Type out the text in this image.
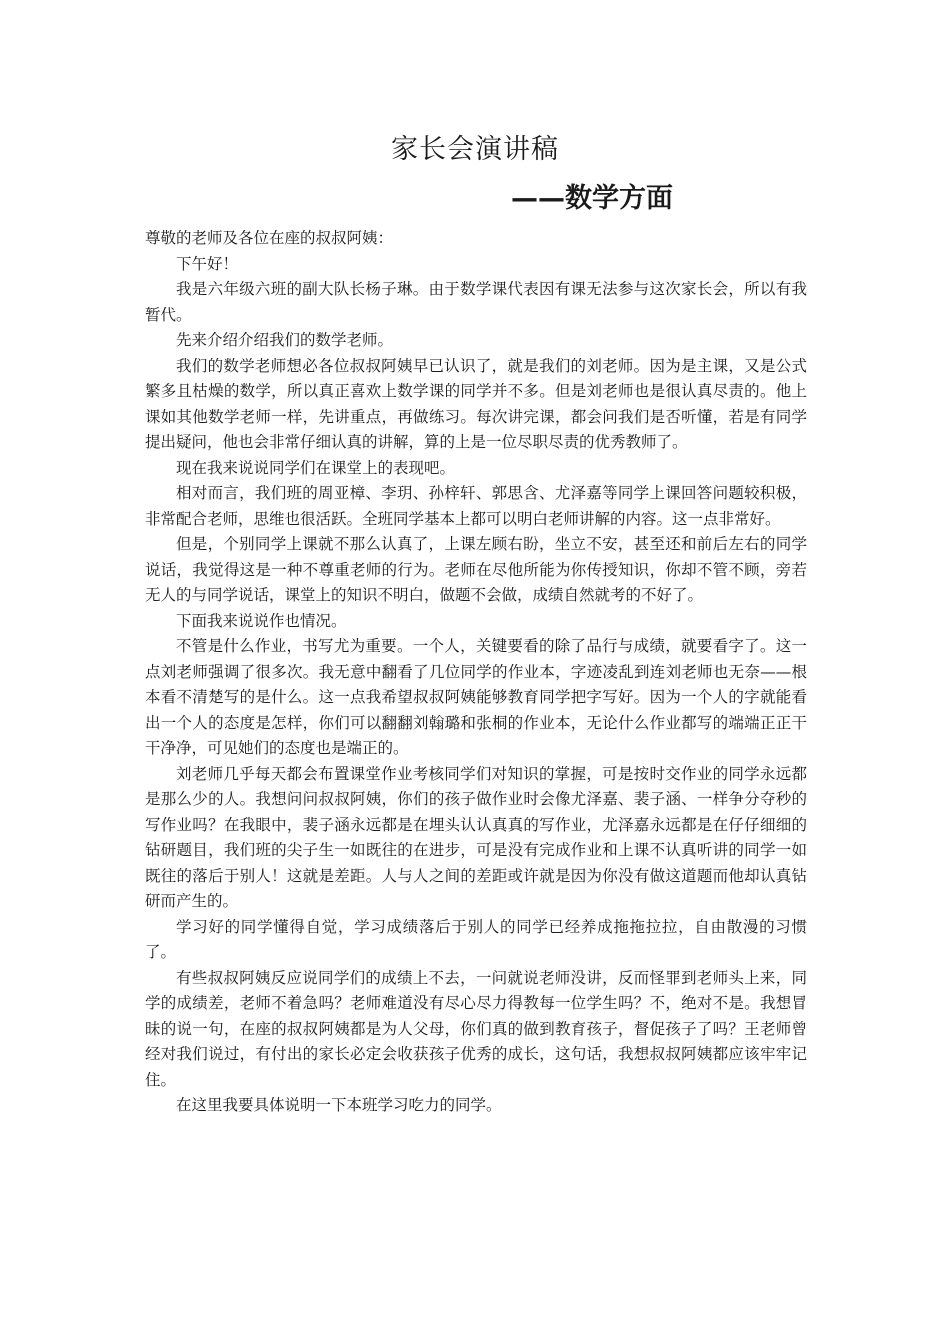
家长会演讲稿
——数学方面

尊敬的老师及各位在座的叔叔阿姨：

下午好！

我是六年级六班的副大队长杨子琳。由于数学课代表因有课无法参与这次家长会，所以有我暂代。

先来介绍介绍我们的数学老师。

我们的数学老师想必各位叔叔阿姨早已认识了，就是我们的刘老师。因为是主课，又是公式繁多且枯燥的数学，所以真正喜欢上数学课的同学并不多。但是刘老师也是很认真尽责的。他上课如其他数学老师一样，先讲重点，再做练习。每次讲完课，都会问我们是否听懂，若是有同学提出疑问，他也会非常仔细认真的讲解，算的上是一位尽职尽责的优秀教师了。

现在我来说说同学们在课堂上的表现吧。

相对而言，我们班的周亚樟、李玥、孙梓轩、郭思含、尤泽嘉等同学上课回答问题较积极，非常配合老师，思维也很活跃。全班同学基本上都可以明白老师讲解的内容。这一点非常好。

但是，个别同学上课就不那么认真了，上课左顾右盼，坐立不安，甚至还和前后左右的同学说话，我觉得这是一种不尊重老师的行为。老师在尽他所能为你传授知识，你却不管不顾，旁若无人的与同学说话，课堂上的知识不明白，做题不会做，成绩自然就考的不好了。

下面我来说说作也情况。

不管是什么作业，书写尤为重要。一个人，关键要看的除了品行与成绩，就要看字了。这一点刘老师强调了很多次。我无意中翻看了几位同学的作业本，字迹凌乱到连刘老师也无奈——根本看不清楚写的是什么。这一点我希望叔叔阿姨能够教育同学把字写好。因为一个人的字就能看出一个人的态度是怎样，你们可以翻翻刘翰璐和张桐的作业本，无论什么作业都写的端端正正干干净净，可见她们的态度也是端正的。

刘老师几乎每天都会布置课堂作业考核同学们对知识的掌握，可是按时交作业的同学永远都是那么少的人。我想问问叔叔阿姨，你们的孩子做作业时会像尤泽嘉、裴子涵、一样争分夺秒的写作业吗？在我眼中，裴子涵永远都是在埋头认认真真的写作业，尤泽嘉永远都是在仔仔细细的钻研题目，我们班的尖子生一如既往的在进步，可是没有完成作业和上课不认真听讲的同学一如既往的落后于别人！这就是差距。人与人之间的差距或许就是因为你没有做这道题而他却认真钻研而产生的。

学习好的同学懂得自觉，学习成绩落后于别人的同学已经养成拖拖拉拉，自由散漫的习惯了。

有些叔叔阿姨反应说同学们的成绩上不去，一问就说老师没讲，反而怪罪到老师头上来，同学的成绩差，老师不着急吗？老师难道没有尽心尽力得教每一位学生吗？不，绝对不是。我想冒昧的说一句，在座的叔叔阿姨都是为人父母，你们真的做到教育孩子，督促孩子了吗？王老师曾经对我们说过，有付出的家长必定会收获孩子优秀的成长，这句话，我想叔叔阿姨都应该牢牢记住。

在这里我要具体说明一下本班学习吃力的同学。
